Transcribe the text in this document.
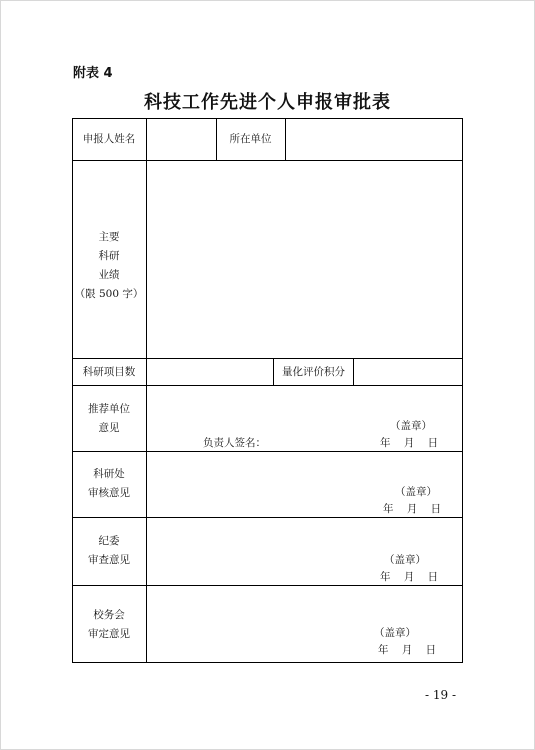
附表 4
科技工作先进个人申报审批表
申报人姓名	所在单位
主要
科研
业绩
（限 500 字）
科研项目数	量化评价积分
推荐单位
意见	（盖章）
负责人签名：	年 月 日
科研处
审核意见	（盖章）
年 月 日
纪委
审查意见	（盖章）
年 月 日
校务会
审定意见	（盖章）
年 月 日
- 19 -
